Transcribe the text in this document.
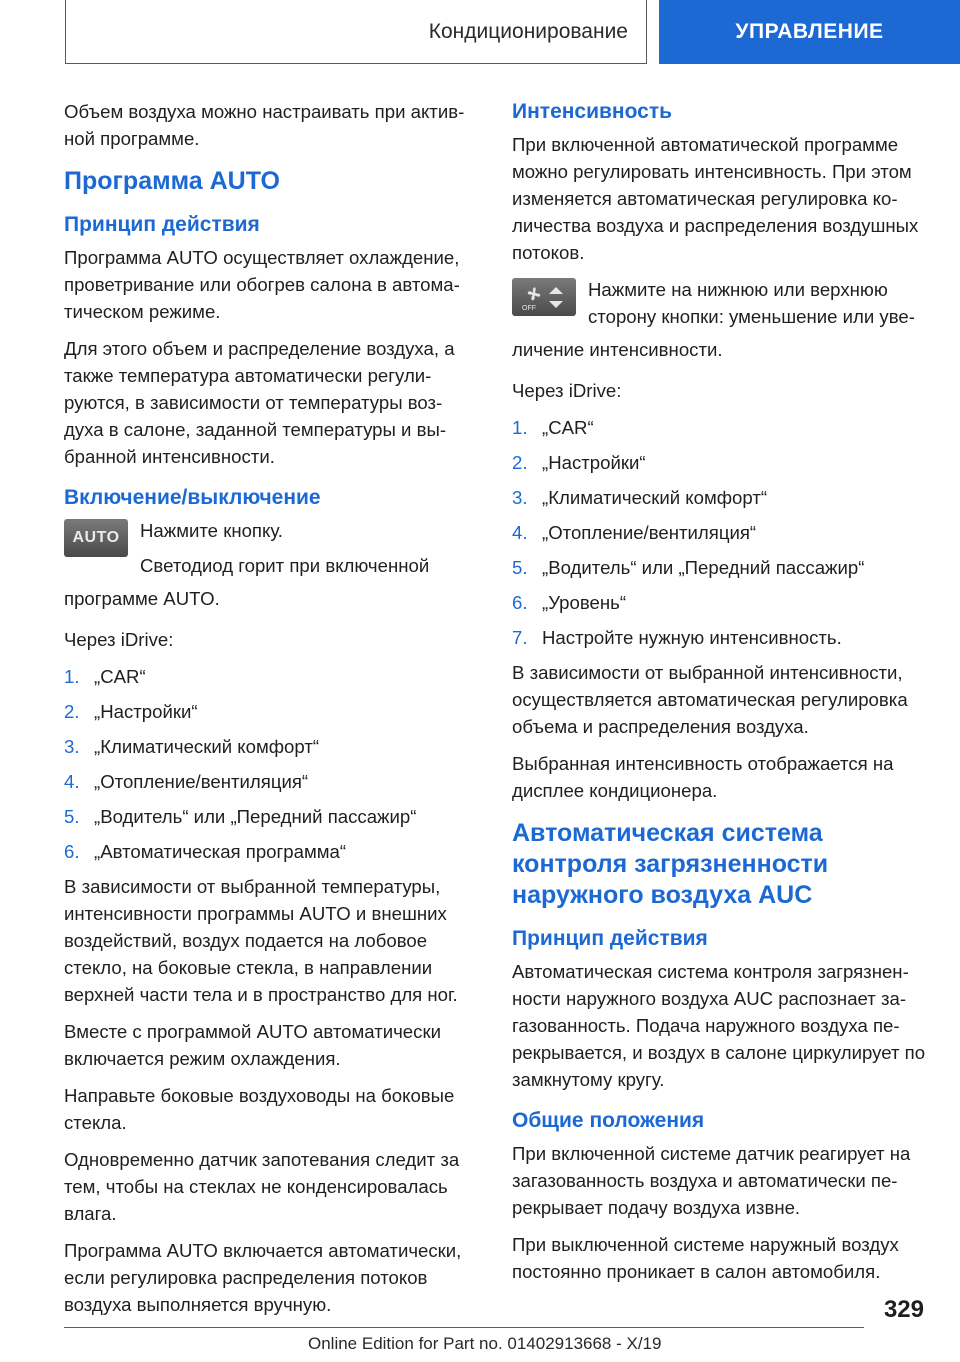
Кондиционирование	УПРАВЛЕНИЕ

Объем воздуха можно настраивать при актив- ной программе.

Программа AUTO
Принцип действия

Программа AUTO осуществляет охлаждение, проветривание или обогрев салона в автома- тическом режиме.

Для этого объем и распределение воздуха, а также температура автоматически регули- руются, в зависимости от температуры воз- духа в салоне, заданной температуры и вы- бранной интенсивности.

Включение/выключение
AUTO Нажмите кнопку.

Светодиод горит при включенной

программе AUTO.

Через iDrive:

1. „CAR“
2. „Настройки“
3. „Климатический комфорт“
4. „Отопление/вентиляция“
5. „Водитель“ или „Передний пассажир“
6. „Автоматическая программа“

В зависимости от выбранной температуры, интенсивности программы AUTO и внешних воздействий, воздух подается на лобовое стекло, на боковые стекла, в направлении верхней части тела и в пространство для ног.

Вместе с программой AUTO автоматически включается режим охлаждения.

Направьте боковые воздуховоды на боковые стекла.

Одновременно датчик запотевания следит за тем, чтобы на стеклах не конденсировалась влага.

Программа AUTO включается автоматически, если регулировка распределения потоков воздуха выполняется вручную.

Интенсивность

При включенной автоматической программе можно регулировать интенсивность. При этом изменяется автоматическая регулировка ко- личества воздуха и распределения воздушных потоков.

OFF

Нажмите на нижнюю или верхнюю сторону кнопки: уменьшение или уве-

личение интенсивности.

Через iDrive:

1. „CAR“
2. „Настройки“
3. „Климатический комфорт“
4. „Отопление/вентиляция“
5. „Водитель“ или „Передний пассажир“
6. „Уровень“
7. Настройте нужную интенсивность.

В зависимости от выбранной интенсивности, осуществляется автоматическая регулировка объема и распределения воздуха.

Выбранная интенсивность отображается на дисплее кондиционера.

Автоматическая система контроля загрязненности наружного воздуха AUC
Принцип действия

Автоматическая система контроля загрязнен- ности наружного воздуха AUC распознает за- газованность. Подача наружного воздуха пе- рекрывается, и воздух в салоне циркулирует по замкнутому кругу.

Общие положения

При включенной системе датчик реагирует на загазованность воздуха и автоматически пе- рекрывает подачу воздуха извне.

При выключенной системе наружный воздух постоянно проникает в салон автомобиля.

329
Online Edition for Part no. 01402913668 - X/19
